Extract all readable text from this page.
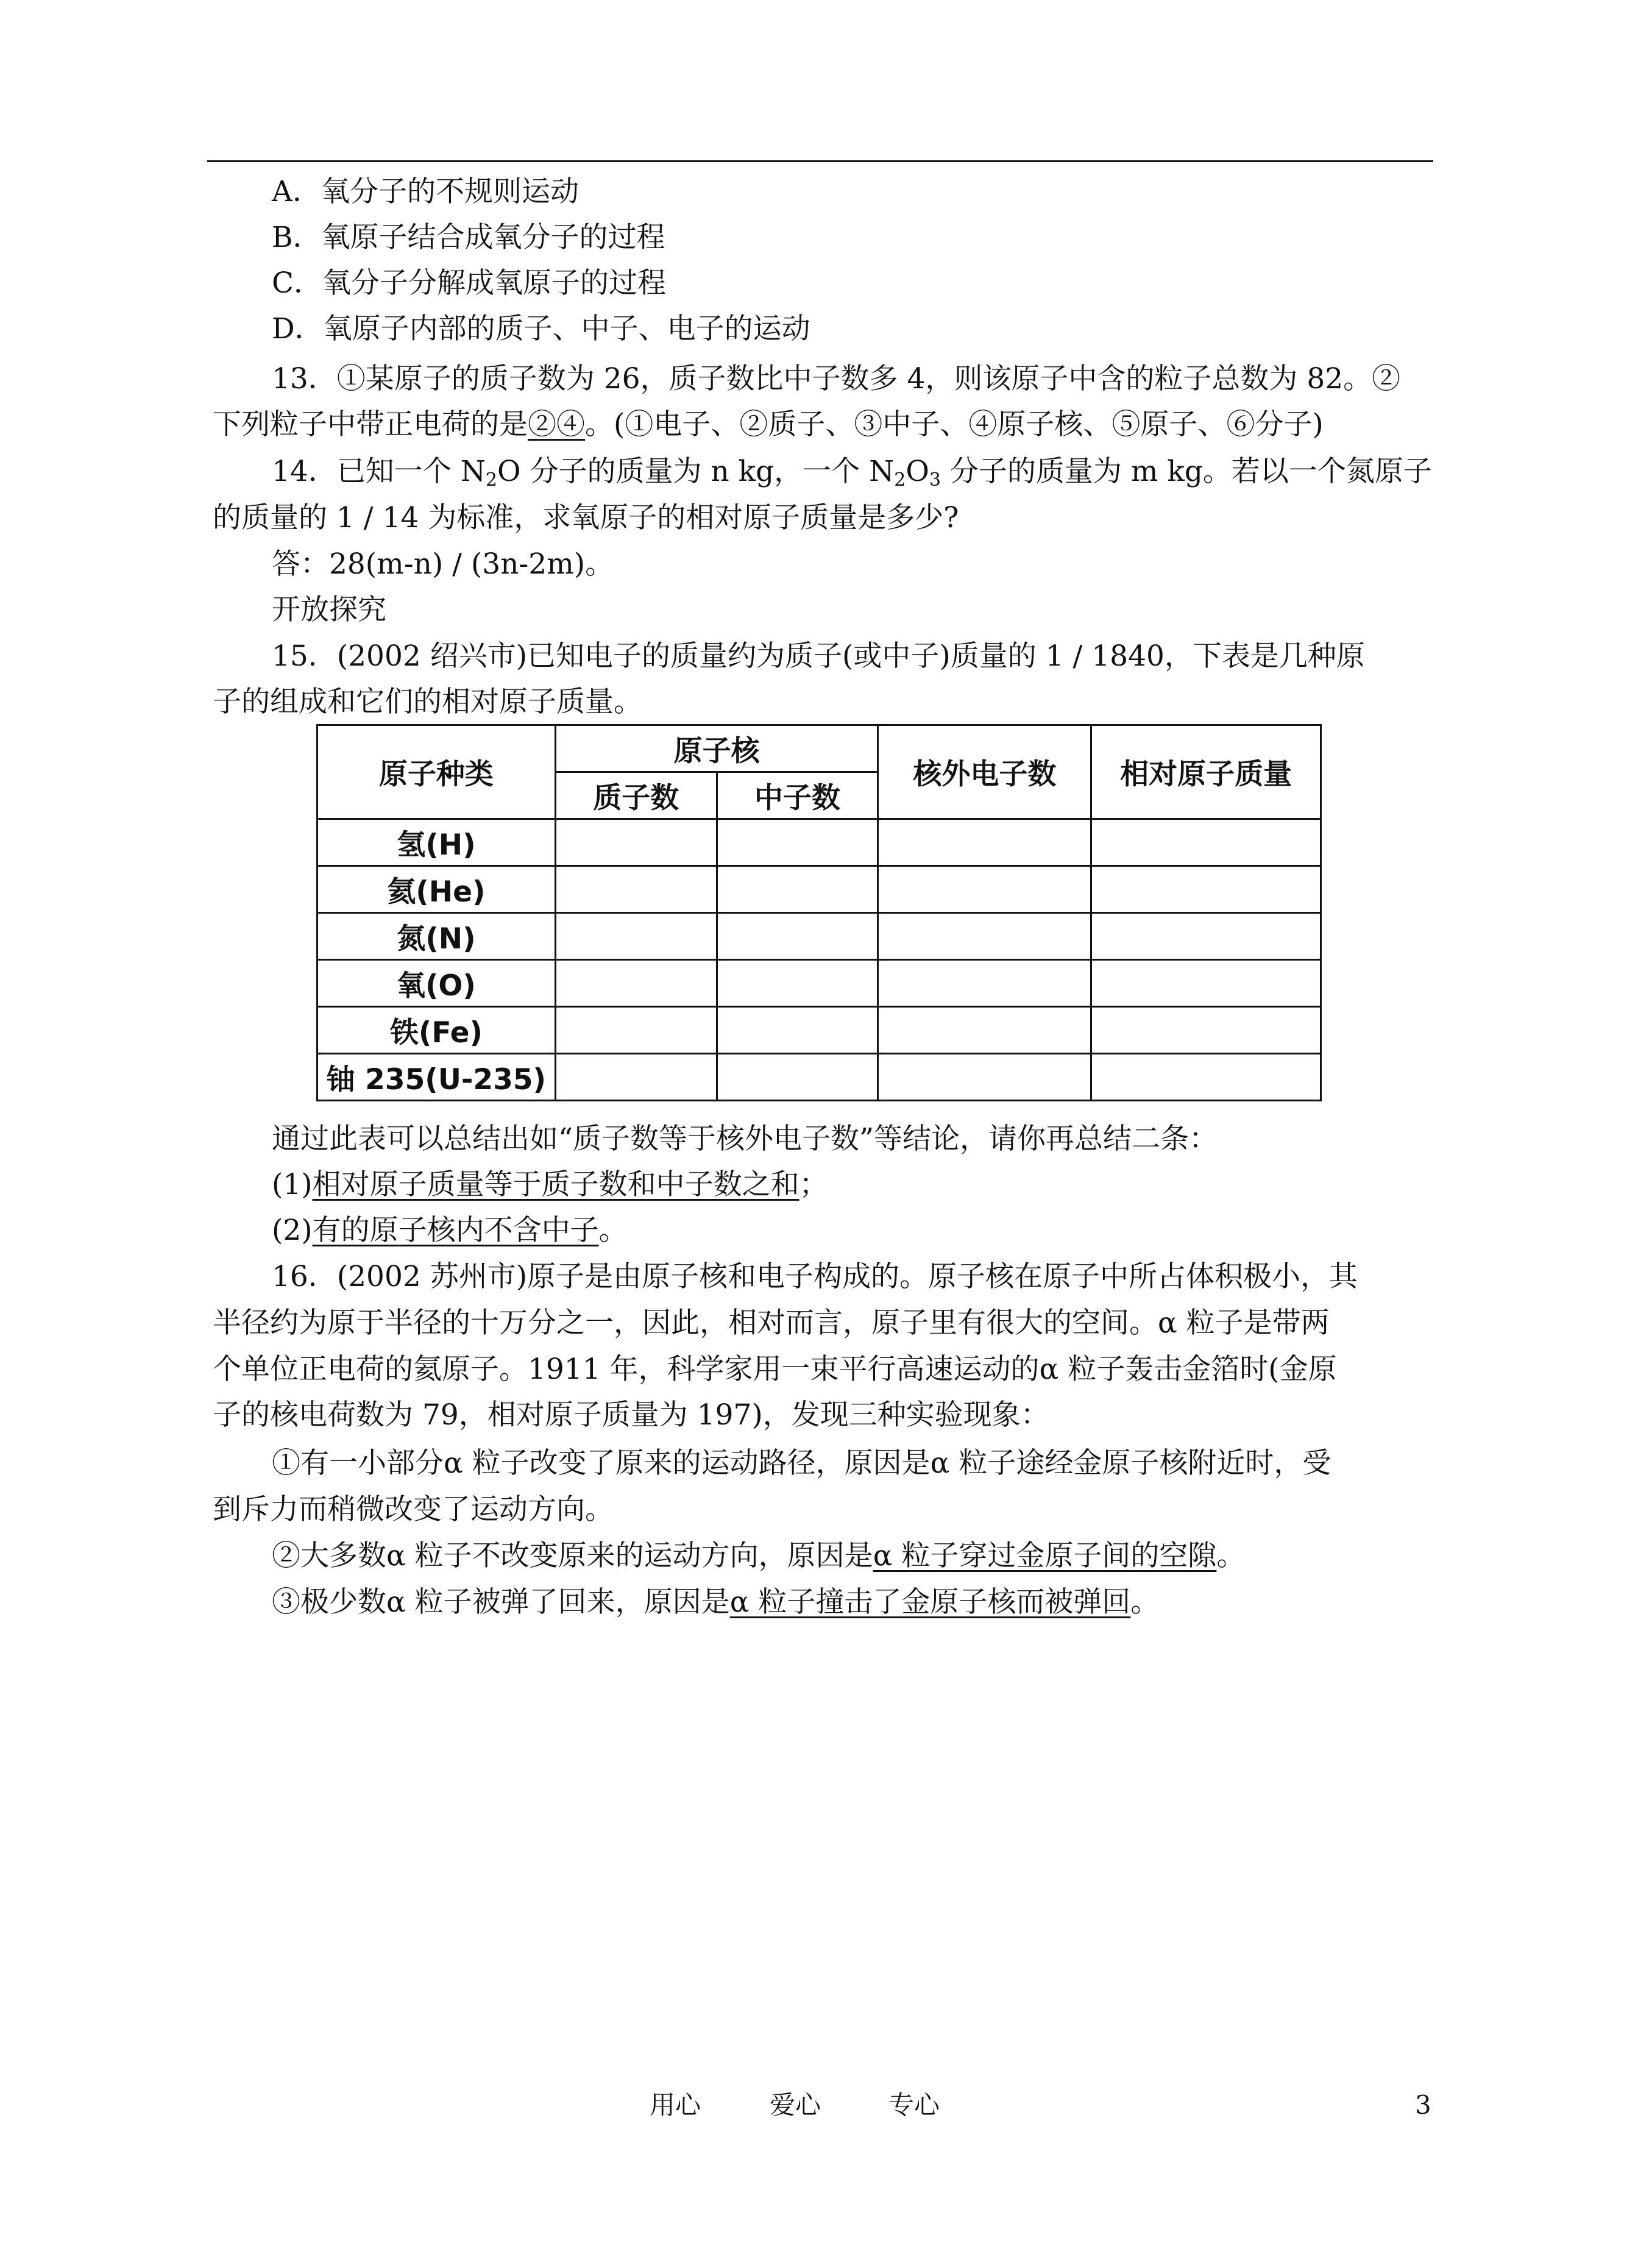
A．氧分子的不规则运动
B．氧原子结合成氧分子的过程
C．氧分子分解成氧原子的过程
D．氧原子内部的质子、中子、电子的运动
13．①某原子的质子数为 26，质子数比中子数多 4，则该原子中含的粒子总数为 82。②
下列粒子中带正电荷的是②④。(①电子、②质子、③中子、④原子核、⑤原子、⑥分子)
14．已知一个 $N_2O$ 分子的质量为 n kg，一个 $N_2O_3$ 分子的质量为 m kg。若以一个氮原子
的质量的 1 / 14 为标准，求氧原子的相对原子质量是多少?
答：28(m-n) / (3n-2m)。
开放探究
15．(2002 绍兴市)已知电子的质量约为质子(或中子)质量的 1 / 1840，下表是几种原
子的组成和它们的相对原子质量。
原子种类	原子核		核外电子数	相对原子质量
	质子数	中子数		
氢(H)				
氦(He)				
氮(N)				
氧(O)				
铁(Fe)				
铀 235(U-235)				
通过此表可以总结出如“质子数等于核外电子数”等结论，请你再总结二条：
(1)相对原子质量等于质子数和中子数之和；
(2)有的原子核内不含中子。
16．(2002 苏州市)原子是由原子核和电子构成的。原子核在原子中所占体积极小，其
半径约为原于半径的十万分之一，因此，相对而言，原子里有很大的空间。α 粒子是带两
个单位正电荷的氦原子。1911 年，科学家用一束平行高速运动的α 粒子轰击金箔时(金原
子的核电荷数为 79，相对原子质量为 197)，发现三种实验现象：
①有一小部分α 粒子改变了原来的运动路径，原因是α 粒子途经金原子核附近时，受
到斥力而稍微改变了运动方向。
②大多数α 粒子不改变原来的运动方向，原因是α 粒子穿过金原子间的空隙。
③极少数α 粒子被弹了回来，原因是α 粒子撞击了金原子核而被弹回。
用心	爱心	专心	3
